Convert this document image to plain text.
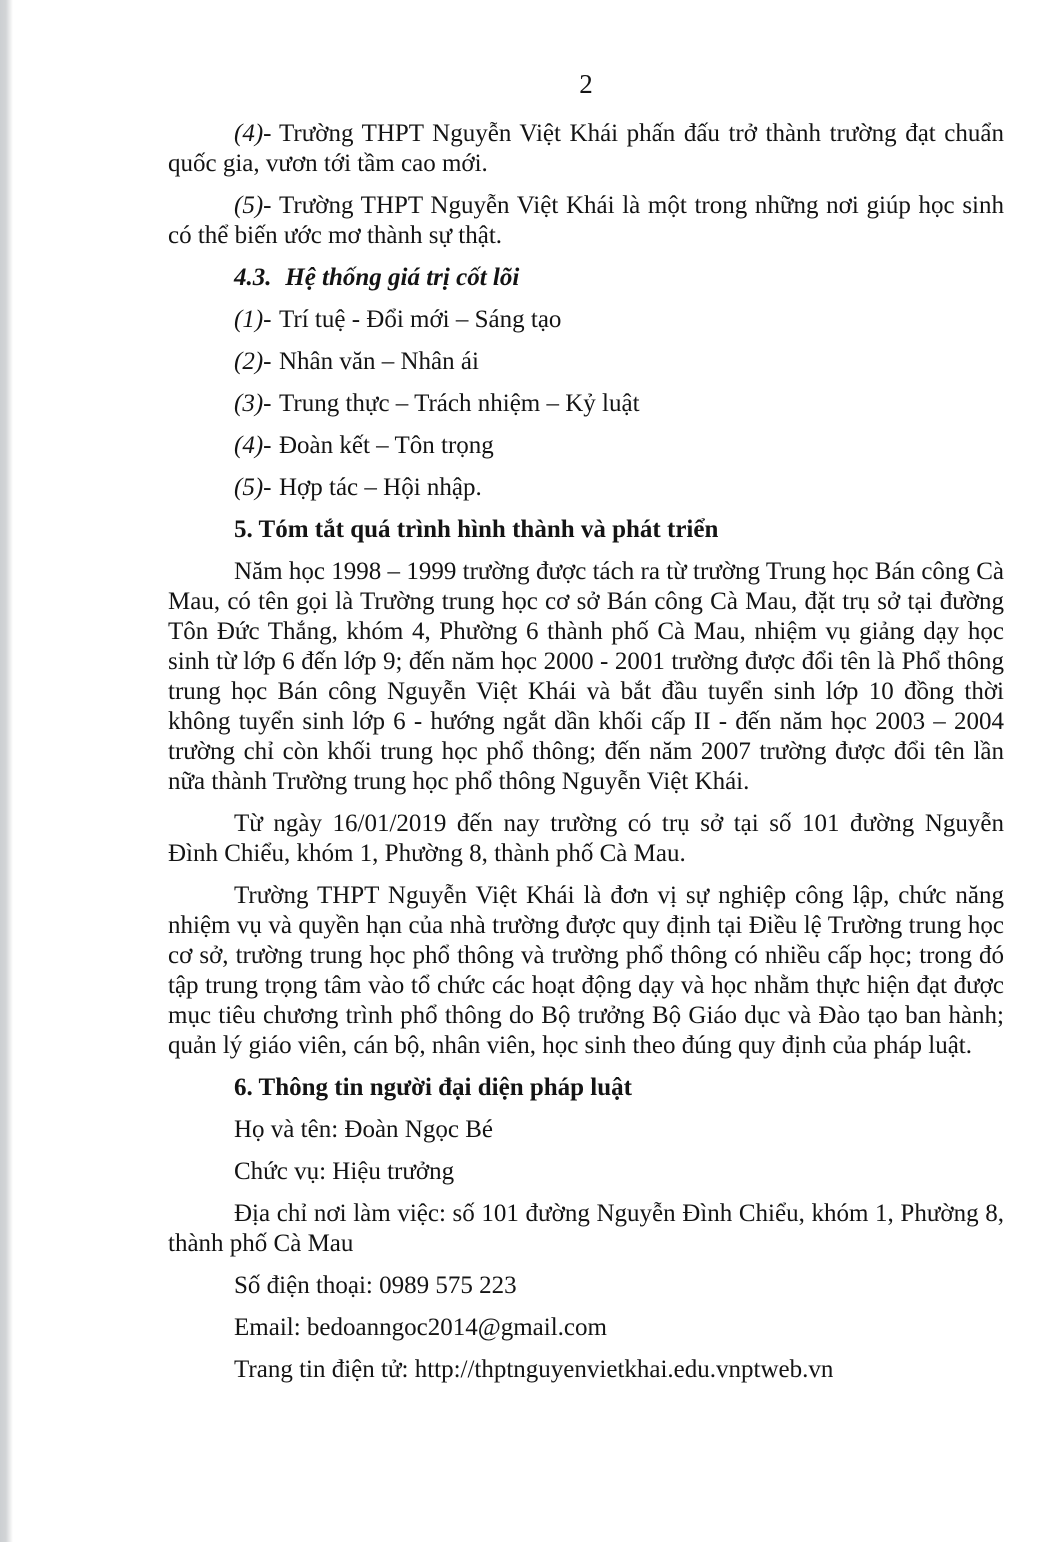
2

(4)- Trường THPT Nguyễn Việt Khái phấn đấu trở thành trường đạt chuẩn quốc gia, vươn tới tầm cao mới.

(5)- Trường THPT Nguyễn Việt Khái là một trong những nơi giúp học sinh có thể biến ước mơ thành sự thật.

4.3. Hệ thống giá trị cốt lõi

(1)- Trí tuệ - Đổi mới – Sáng tạo

(2)- Nhân văn – Nhân ái

(3)- Trung thực – Trách nhiệm – Kỷ luật

(4)- Đoàn kết – Tôn trọng

(5)- Hợp tác – Hội nhập.

5. Tóm tắt quá trình hình thành và phát triển

Năm học 1998 – 1999 trường được tách ra từ trường Trung học Bán công Cà Mau, có tên gọi là Trường trung học cơ sở Bán công Cà Mau, đặt trụ sở tại đường Tôn Đức Thắng, khóm 4, Phường 6 thành phố Cà Mau, nhiệm vụ giảng dạy học sinh từ lớp 6 đến lớp 9; đến năm học 2000 - 2001 trường được đổi tên là Phổ thông trung học Bán công Nguyễn Việt Khái và bắt đầu tuyển sinh lớp 10 đồng thời không tuyển sinh lớp 6 - hướng ngắt dần khối cấp II - đến năm học 2003 – 2004 trường chỉ còn khối trung học phổ thông; đến năm 2007 trường được đổi tên lần nữa thành Trường trung học phổ thông Nguyễn Việt Khái.

Từ ngày 16/01/2019 đến nay trường có trụ sở tại số 101 đường Nguyễn Đình Chiểu, khóm 1, Phường 8, thành phố Cà Mau.

Trường THPT Nguyễn Việt Khái là đơn vị sự nghiệp công lập, chức năng nhiệm vụ và quyền hạn của nhà trường được quy định tại Điều lệ Trường trung học cơ sở, trường trung học phổ thông và trường phổ thông có nhiều cấp học; trong đó tập trung trọng tâm vào tổ chức các hoạt động dạy và học nhằm thực hiện đạt được mục tiêu chương trình phổ thông do Bộ trưởng Bộ Giáo dục và Đào tạo ban hành; quản lý giáo viên, cán bộ, nhân viên, học sinh theo đúng quy định của pháp luật.

6. Thông tin người đại diện pháp luật

Họ và tên: Đoàn Ngọc Bé

Chức vụ: Hiệu trưởng

Địa chỉ nơi làm việc: số 101 đường Nguyễn Đình Chiểu, khóm 1, Phường 8, thành phố Cà Mau

Số điện thoại: 0989 575 223

Email: bedoanngoc2014@gmail.com

Trang tin điện tử: http://thptnguyenvietkhai.edu.vnptweb.vn
